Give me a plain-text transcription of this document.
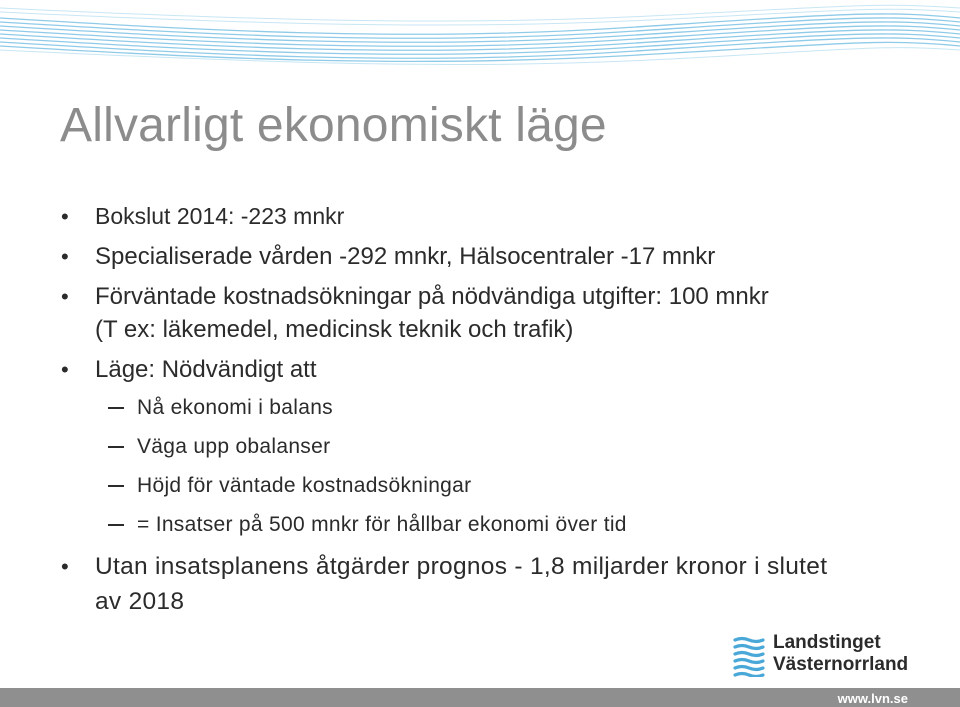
Allvarligt ekonomiskt läge
• Bokslut 2014: -223 mnkr
• Specialiserade vården -292 mnkr, Hälsocentraler -17 mnkr
• Förväntade kostnadsökningar på nödvändiga utgifter: 100 mnkr
(T ex: läkemedel, medicinsk teknik och trafik)
• Läge: Nödvändigt att
Nå ekonomi i balans
Väga upp obalanser
Höjd för väntade kostnadsökningar
= Insatser på 500 mnkr för hållbar ekonomi över tid
• Utan insatsplanens åtgärder prognos - 1,8 miljarder kronor i slutet
av 2018
Landstinget
Västernorrland
www.lvn.se
